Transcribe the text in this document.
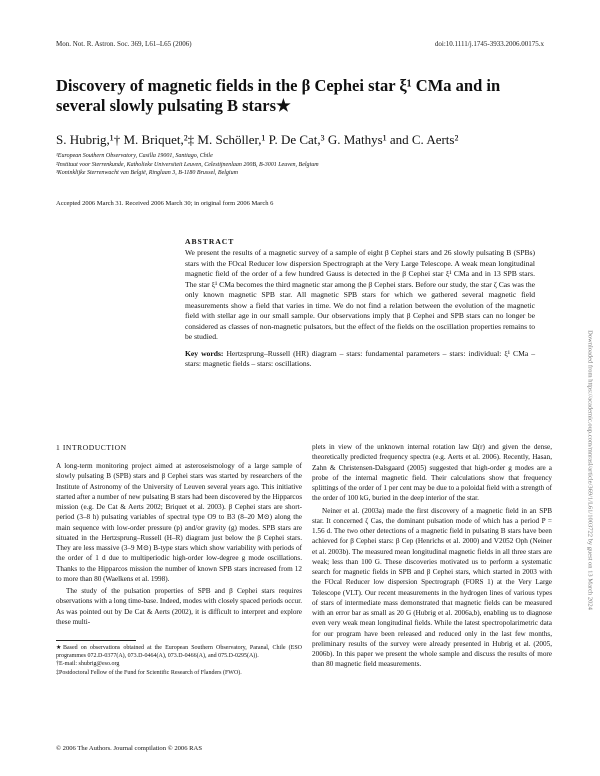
Mon. Not. R. Astron. Soc. 369, L61–L65 (2006)	doi:10.1111/j.1745-3933.2006.00175.x
Discovery of magnetic fields in the β Cephei star ξ¹ CMa and in several slowly pulsating B stars★
S. Hubrig,¹† M. Briquet,²‡ M. Schöller,¹ P. De Cat,³ G. Mathys¹ and C. Aerts²
¹European Southern Observatory, Casilla 19001, Santiago, Chile
²Instituut voor Sterrenkunde, Katholieke Universiteit Leuven, Celestijnenlaan 200B, B-3001 Leuven, Belgium
³Koninklijke Sterrenwacht van België, Ringlaan 3, B-1180 Brussel, Belgium
Accepted 2006 March 31. Received 2006 March 30; in original form 2006 March 6
ABSTRACT
We present the results of a magnetic survey of a sample of eight β Cephei stars and 26 slowly pulsating B (SPBs) stars with the FOcal Reducer low dispersion Spectrograph at the Very Large Telescope. A weak mean longitudinal magnetic field of the order of a few hundred Gauss is detected in the β Cephei star ξ¹ CMa and in 13 SPB stars. The star ξ¹ CMa becomes the third magnetic star among the β Cephei stars. Before our study, the star ζ Cas was the only known magnetic SPB star. All magnetic SPB stars for which we gathered several magnetic field measurements show a field that varies in time. We do not find a relation between the evolution of the magnetic field with stellar age in our small sample. Our observations imply that β Cephei and SPB stars can no longer be considered as classes of non-magnetic pulsators, but the effect of the fields on the oscillation properties remains to be studied.
Key words: Hertzsprung–Russell (HR) diagram – stars: fundamental parameters – stars: individual: ξ¹ CMa – stars: magnetic fields – stars: oscillations.
1 INTRODUCTION

A long-term monitoring project aimed at asteroseismology of a large sample of slowly pulsating B (SPB) stars and β Cephei stars was started by researchers of the Institute of Astronomy of the University of Leuven several years ago. This initiative started after a number of new pulsating B stars had been discovered by the Hipparcos mission (e.g. De Cat & Aerts 2002; Briquet et al. 2003). β Cephei stars are short-period (3–8 h) pulsating variables of spectral type O9 to B3 (8–20 M⊙) along the main sequence with low-order pressure (p) and/or gravity (g) modes. SPB stars are situated in the Hertzsprung–Russell (H–R) diagram just below the β Cephei stars. They are less massive (3–9 M⊙) B-type stars which show variability with periods of the order of 1 d due to multiperiodic high-order low-degree g mode oscillations. Thanks to the Hipparcos mission the number of known SPB stars increased from 12 to more than 80 (Waelkens et al. 1998).

The study of the pulsation properties of SPB and β Cephei stars requires observations with a long time-base. Indeed, modes with closely spaced periods occur. As was pointed out by De Cat & Aerts (2002), it is difficult to interpret and explore these multi-

plets in view of the unknown internal rotation law Ω(r) and given the dense, theoretically predicted frequency spectra (e.g. Aerts et al. 2006). Recently, Hasan, Zahn & Christensen-Dalsgaard (2005) suggested that high-order g modes are a probe of the internal magnetic field. Their calculations show that frequency splittings of the order of 1 per cent may be due to a poloidal field with a strength of the order of 100 kG, buried in the deep interior of the star.

Neiner et al. (2003a) made the first discovery of a magnetic field in an SPB star. It concerned ζ Cas, the dominant pulsation mode of which has a period P = 1.56 d. The two other detections of a magnetic field in pulsating B stars have been achieved for β Cephei stars: β Cep (Henrichs et al. 2000) and V2052 Oph (Neiner et al. 2003b). The measured mean longitudinal magnetic fields in all three stars are weak; less than 100 G. These discoveries motivated us to perform a systematic search for magnetic fields in SPB and β Cephei stars, which started in 2003 with the FOcal Reducer low dispersion Spectrograph (FORS 1) at the Very Large Telescope (VLT). Our recent measurements in the hydrogen lines of various types of stars of intermediate mass demonstrated that magnetic fields can be measured with an error bar as small as 20 G (Hubrig et al. 2006a,b), enabling us to diagnose even very weak mean longitudinal fields. While the latest spectropolarimetric data for our program have been released and reduced only in the last few months, preliminary results of the survey were already presented in Hubrig et al. (2005, 2006b). In this paper we present the whole sample and discuss the results of more than 80 magnetic field measurements.

★Based on observations obtained at the European Southern Observatory, Paranal, Chile (ESO programmes 072.D-0377(A), 073.D-0464(A), 073.D-0466(A), and 075.D-0295(A)).
†E-mail: shubrig@eso.org
‡Postdoctoral Fellow of the Fund for Scientific Research of Flanders (FWO).
© 2006 The Authors. Journal compilation © 2006 RAS
Downloaded from https://academic.oup.com/mnrasl/article/369/1/L61/1003722 by guest on 13 March 2024
